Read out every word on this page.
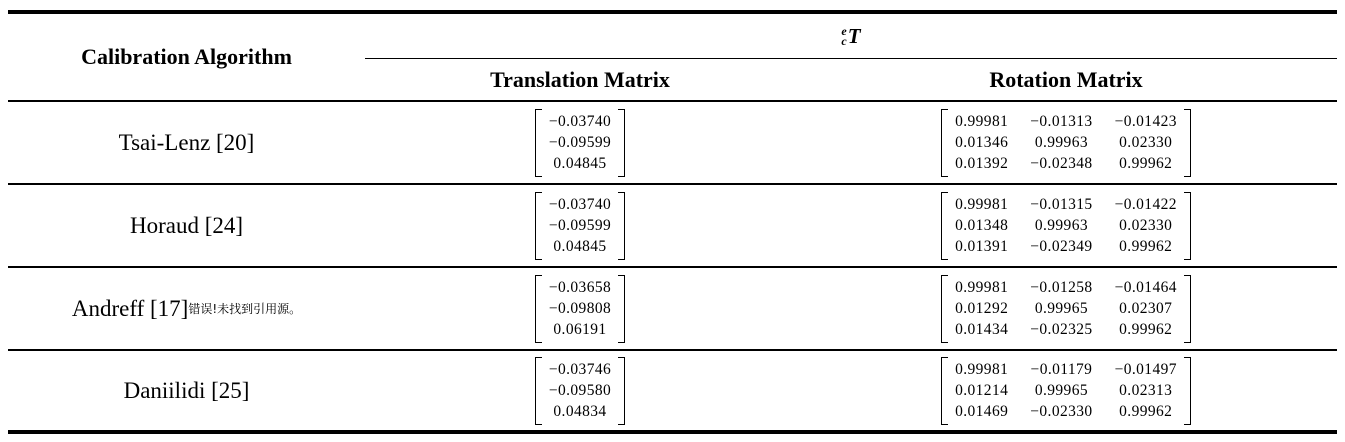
Calibration Algorithm
e
c T
Translation Matrix	Rotation Matrix
Tsai-Lenz [20]
−0.03740
−0.09599
0.04845
0.99981 −0.01313 −0.01423
0.01346 0.99963 0.02330
0.01392 −0.02348 0.99962
Horaud [24]
−0.03740
−0.09599
0.04845
0.99981 −0.01315 −0.01422
0.01348 0.99963 0.02330
0.01391 −0.02349 0.99962
Andreff [17] 错误!未找到引用源。
−0.03658
−0.09808
0.06191
0.99981 −0.01258 −0.01464
0.01292 0.99965 0.02307
0.01434 −0.02325 0.99962
Daniilidi [25]
−0.03746
−0.09580
0.04834
0.99981 −0.01179 −0.01497
0.01214 0.99965 0.02313
0.01469 −0.02330 0.99962
